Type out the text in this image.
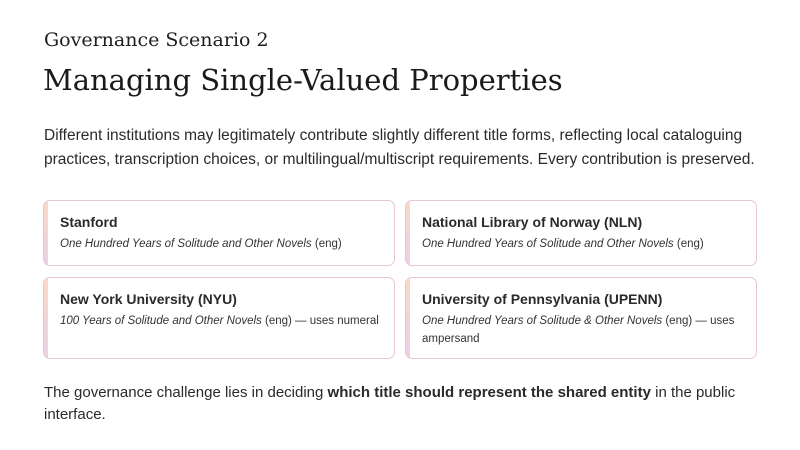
Governance Scenario 2
Managing Single-Valued Properties
Different institutions may legitimately contribute slightly different title forms, reflecting local cataloguing practices, transcription choices, or multilingual/multiscript requirements. Every contribution is preserved.
Stanford
One Hundred Years of Solitude and Other Novels (eng)
National Library of Norway (NLN)
One Hundred Years of Solitude and Other Novels (eng)
New York University (NYU)
100 Years of Solitude and Other Novels (eng) — uses numeral
University of Pennsylvania (UPENN)
One Hundred Years of Solitude & Other Novels (eng) — uses ampersand
The governance challenge lies in deciding which title should represent the shared entity in the public interface.
